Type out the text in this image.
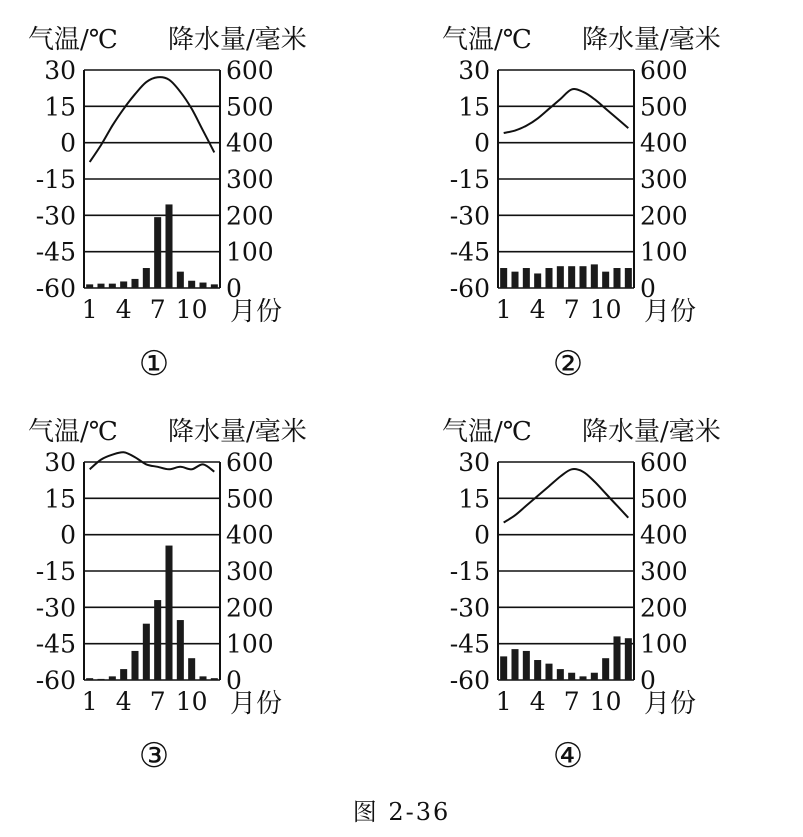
气温/℃ 降水量/毫米
30
15
0
-15
-30
-45
-60
600
500
400
300
200
100
0
1 4 7 10 月份
①
气温/℃ 降水量/毫米
30
15
0
-15
-30
-45
-60
600
500
400
300
200
100
0
1 4 7 10 月份
②
气温/℃ 降水量/毫米
30
15
0
-15
-30
-45
-60
600
500
400
300
200
100
0
1 4 7 10 月份
③
气温/℃ 降水量/毫米
30
15
0
-15
-30
-45
-60
600
500
400
300
200
100
0
1 4 7 10 月份
④
图 2-36
